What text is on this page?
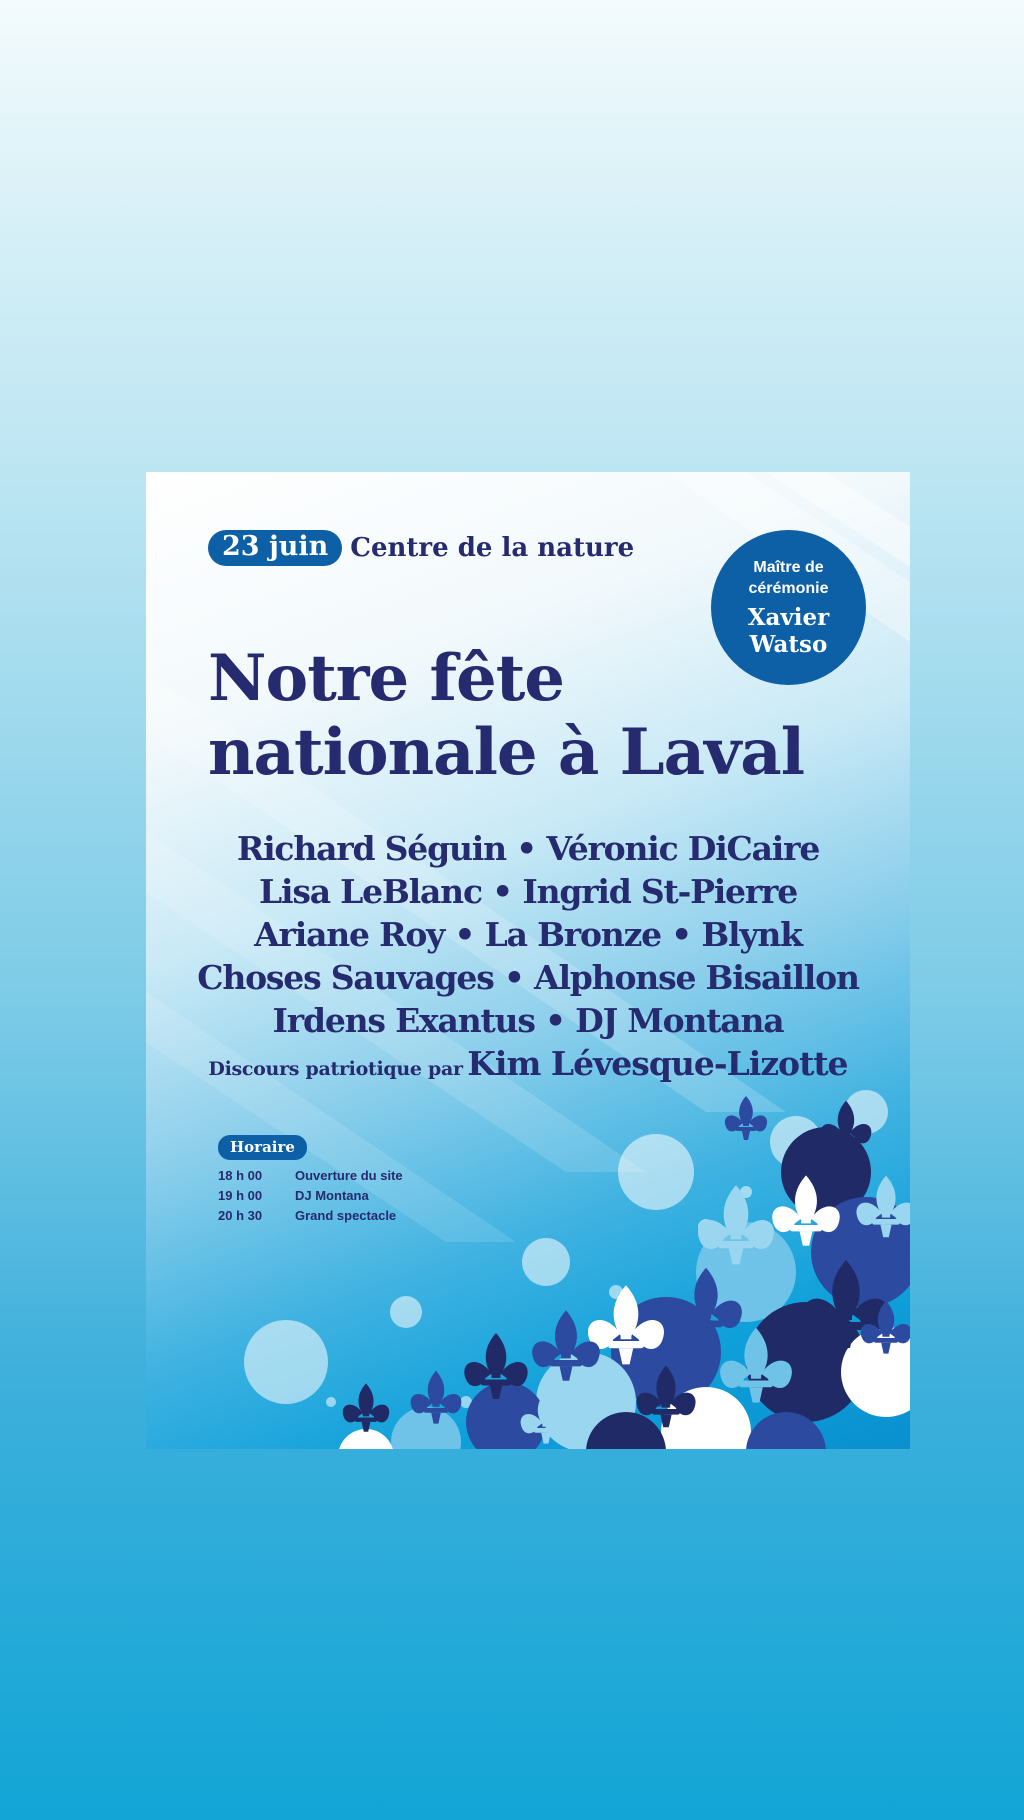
23 juin Centre de la nature
Maître de cérémonie
Xavier Watso
Notre fête nationale à Laval
Richard Séguin • Véronic DiCaire
Lisa LeBlanc • Ingrid St-Pierre
Ariane Roy • La Bronze • Blynk
Choses Sauvages • Alphonse Bisaillon
Irdens Exantus • DJ Montana
Discours patriotique par Kim Lévesque-Lizotte
Horaire
18 h 00	Ouverture du site
19 h 00	DJ Montana
20 h 30	Grand spectacle
